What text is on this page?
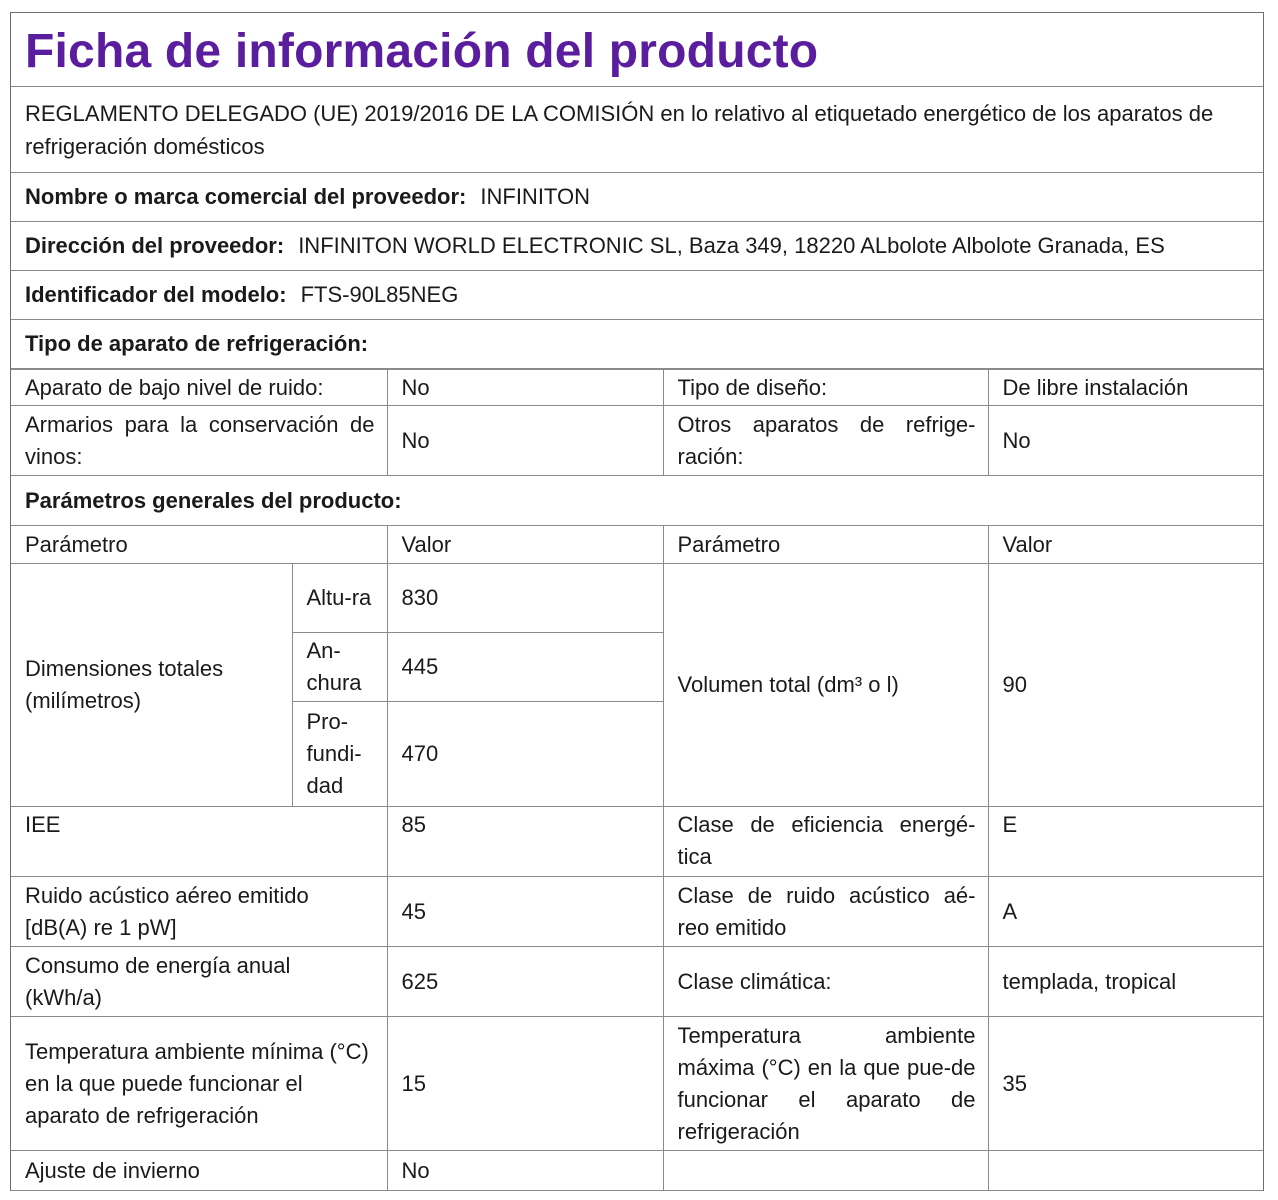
Ficha de información del producto
REGLAMENTO DELEGADO (UE) 2019/2016 DE LA COMISIÓN en lo relativo al etiquetado energético de los aparatos de refrigeración domésticos
Nombre o marca comercial del proveedor: INFINITON
Dirección del proveedor: INFINITON WORLD ELECTRONIC SL, Baza 349, 18220 ALbolote Albolote Granada, ES
Identificador del modelo: FTS-90L85NEG
Tipo de aparato de refrigeración:
Aparato de bajo nivel de ruido:		No	Tipo de diseño:	De libre instalación
Armarios para la conservación de vinos:		No	Otros aparatos de refrige-ración:	No
Parámetros generales del producto:				
Parámetro		Valor	Parámetro	Valor
Dimensiones totales (milímetros)	Altu-ra	830	Volumen total (dm³ o l)	90
	An-chura	445		
	Pro-fundi-dad	470		
IEE		85	Clase de eficiencia energé-tica	E
Ruido acústico aéreo emitido [dB(A) re 1 pW]		45	Clase de ruido acústico aé-reo emitido	A
Consumo de energía anual (kWh/a)		625	Clase climática:	templada, tropical
Temperatura ambiente mínima (°C) en la que puede funcionar el aparato de refrigeración		15	Temperatura ambiente máxima (°C) en la que pue-de funcionar el aparato de refrigeración	35
Ajuste de invierno		No		
